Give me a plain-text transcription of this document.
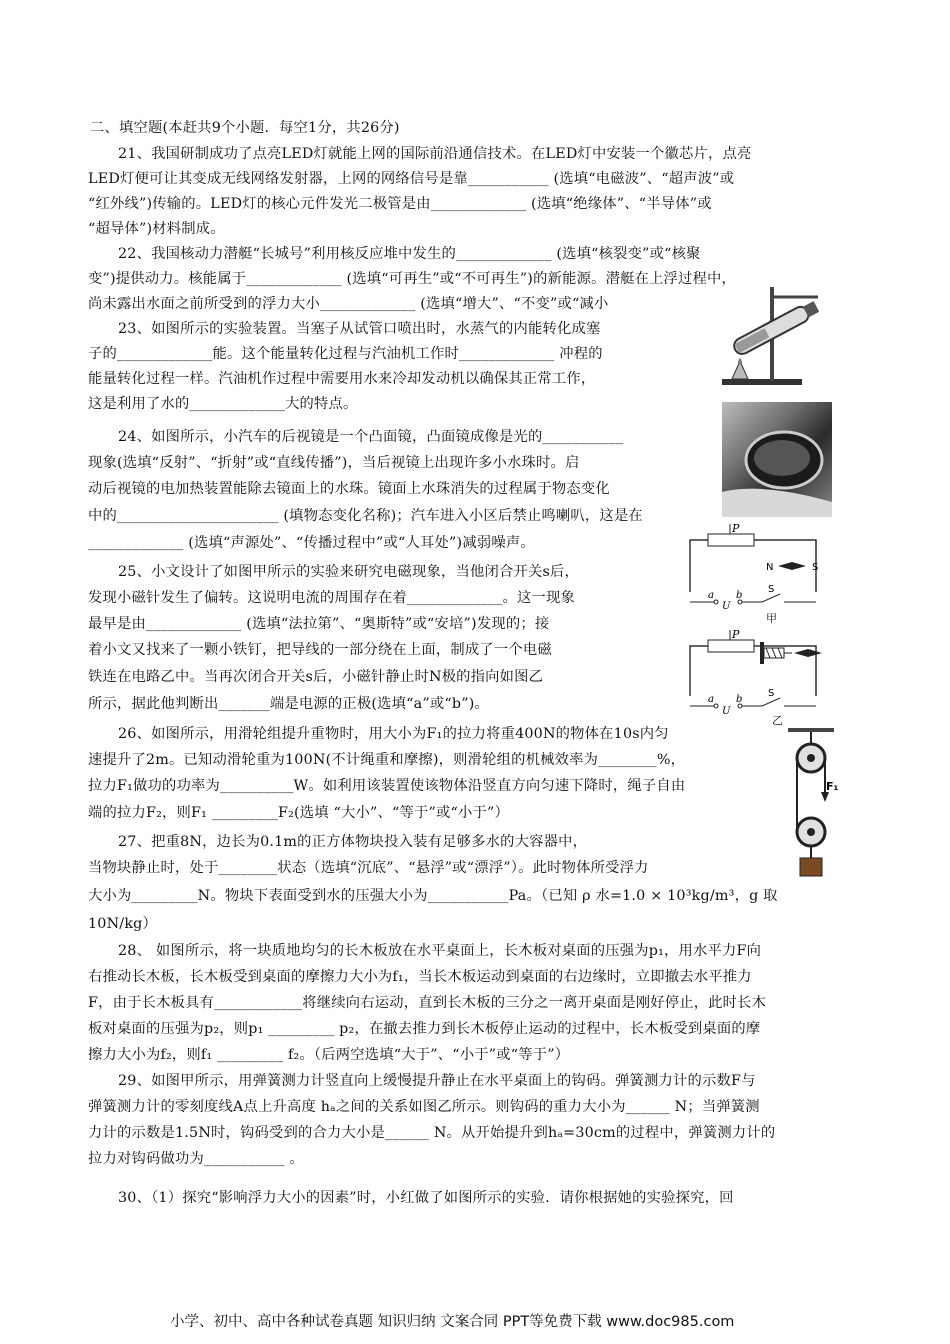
二、填空题(本赶共9个小题．每空1分，共26分)
21、我国研制成功了点亮LED灯就能上网的国际前沿通信技术。在LED灯中安装一个徽芯片，点亮
LED灯便可让其变成无线网络发射器，上网的网络信号是靠___________ (选填“电磁波”、“超声波”或
“红外线”)传输的。LED灯的核心元件发光二极管是由_____________ (选填“绝缘体”、“半导体”或
“超导体”)材料制成。
22、我国核动力潜艇“长城号”利用核反应堆中发生的_____________ (选填“核裂变”或“核聚
变”)提供动力。核能属于_____________ (选填“可再生”或“不可再生”)的新能源。潜艇在上浮过程中，
尚未露出水面之前所受到的浮力大小_____________ (选填“增大”、“不变”或“减小
23、如图所示的实验装置。当塞子从试管口喷出时，水蒸气的内能转化成塞
子的_____________能。这个能量转化过程与汽油机工作时_____________ 冲程的
能量转化过程一样。汽油机作过程中需要用水来冷却发动机以确保其正常工作，
这是利用了水的_____________大的特点。
24、如图所示，小汽车的后视镜是一个凸面镜，凸面镜成像是光的___________
现象(选填“反射”、“折射”或“直线传播”)，当后视镜上出现许多小水珠时。启
动后视镜的电加热装置能除去镜面上的水珠。镜面上水珠消失的过程属于物态变化
中的______________________ (填物态变化名称)；汽车进入小区后禁止鸣喇叭，这是在
_____________ (选填“声源处”、“传播过程中”或“人耳处”)减弱噪声。
25、小文设计了如图甲所示的实验来研究电磁现象，当他闭合开关s后，
发现小磁针发生了偏转。这说明电流的周围存在着_____________。这一现象
最早是由_____________ (选填“法拉第”、“奥斯特”或“安培”)发现的；接
着小文又找来了一颗小铁钉，把导线的一部分绕在上面，制成了一个电磁
铁连在电路乙中。当再次闭合开关s后，小磁针静止时N极的指向如图乙
所示，据此他判断出_______端是电源的正极(选填“a”或“b”)。
26、如图所示，用滑轮组提升重物时，用大小为F₁的拉力将重400N的物体在10s内匀
速提升了2m。已知动滑轮重为100N(不计绳重和摩擦)，则滑轮组的机械效率为________%，
拉力F₁做功的功率为__________W。如利用该装置使该物体沿竖直方向匀速下降时，绳子自由
端的拉力F₂，则F₁ _________F₂(选填 “大小”、“等于”或“小于”）
27、把重8N，边长为0.1m的正方体物块投入装有足够多水的大容器中，
当物块静止时，处于________状态（选填“沉底”、“悬浮”或“漂浮”）。此时物体所受浮力
大小为_________N。物块下表面受到水的压强大小为___________Pa。（已知 ρ 水=1.0 × 10³kg/m³，g 取
10N/kg）
28、 如图所示，将一块质地均匀的长木板放在水平桌面上，长木板对桌面的压强为p₁，用水平力F向
右推动长木板，长木板受到桌面的摩擦力大小为f₁，当长木板运动到桌面的右边缘时，立即撤去水平推力
F，由于长木板具有____________将继续向右运动，直到长木板的三分之一离开桌面是刚好停止，此时长木
板对桌面的压强为p₂，则p₁ _________ p₂，在撤去推力到长木板停止运动的过程中，长木板受到桌面的摩
擦力大小为f₂，则f₁ _________ f₂。（后两空选填“大于”、“小于”或“等于”）
29、如图甲所示，用弹簧测力计竖直向上缓慢提升静止在水平桌面上的钩码。弹簧测力计的示数F与
弹簧测力计的零刻度线A点上升高度 hₐ之间的关系如图乙所示。则钩码的重力大小为______ N；当弹簧测
力计的示数是1.5N时，钩码受到的合力大小是______ N。从开始提升到hₐ=30cm的过程中，弹簧测力计的
拉力对钩码做功为___________ 。
30、（1）探究“影响浮力大小的因素”时，小红做了如图所示的实验．请你根据她的实验探究，回
P
N	S
a
U
b
S
甲
P
a
U
b
S
乙
F₁
小学、初中、高中各种试卷真题 知识归纳 文案合同 PPT等免费下载 www.doc985.com
